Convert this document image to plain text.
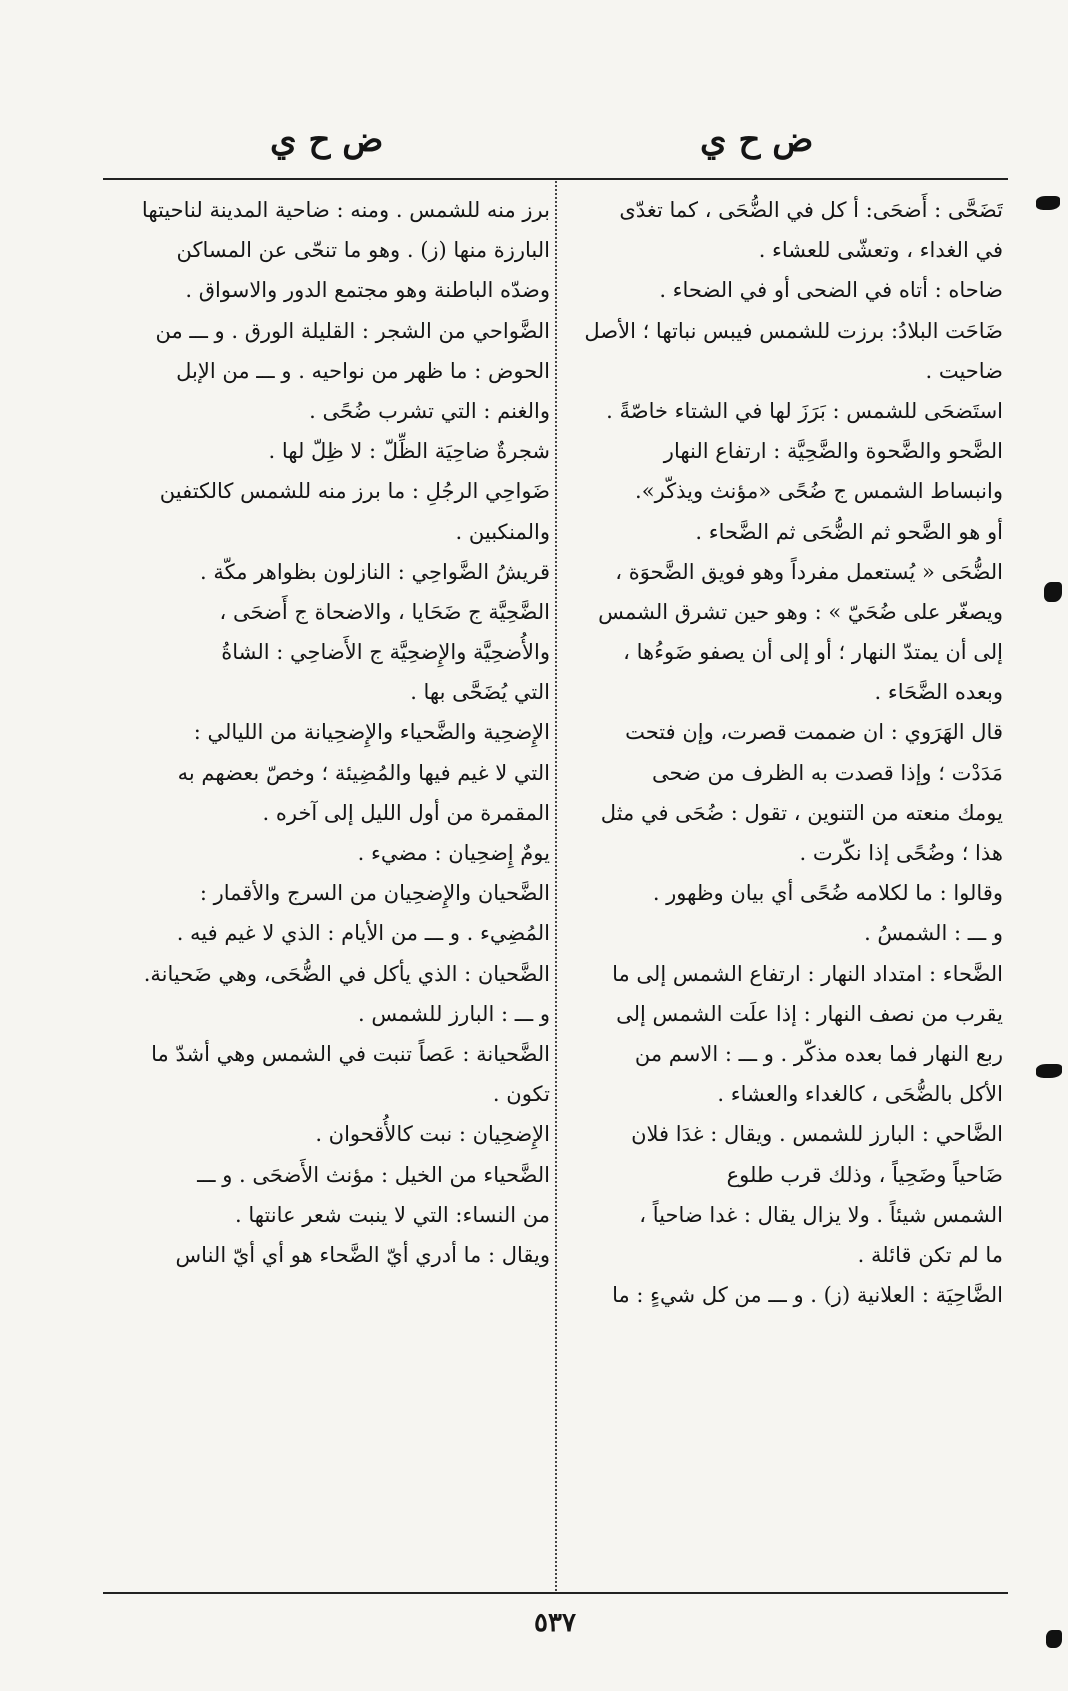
ض ح ي
ض ح ي
تَضَحَّى : أَضحَى: أ كل في الضُّحَى ، كما تغدّى
في الغداء ، وتعشّى للعشاء .
ضاحاه : أتاه في الضحى أو في الضحاء .
ضَاحَت البلادُ: برزت للشمس فيبس نباتها ؛ الأصل
ضاحيت .
استَضحَى للشمس : بَرَزَ لها في الشتاء خاصّةً .
الضَّحو والضَّحوة والضَّحِيَّة : ارتفاع النهار
وانبساط الشمس ج ضُحًى «مؤنث ويذكّر».
أو هو الضَّحو ثم الضُّحَى ثم الضَّحاء .
الضُّحَى « يُستعمل مفرداً وهو فويق الضَّحوَة ،
ويصغّر على ضُحَيّ » : وهو حين تشرق الشمس
إلى أن يمتدّ النهار ؛ أو إلى أن يصفو ضَوءُها ،
وبعده الضَّحَاء .
قال الهَرَوي : ان ضممت قصرت، وإن فتحت
مَدَدْت ؛ وإذا قصدت به الظرف من ضحى
يومك منعته من التنوين ، تقول : ضُحَى في مثل
هذا ؛ وضُحًى إذا نكّرت .
وقالوا : ما لكلامه ضُحًى أي بيان وظهور .
و ـــ : الشمسُ .
الضَّحاء : امتداد النهار : ارتفاع الشمس إلى ما
يقرب من نصف النهار : إذا علَت الشمس إلى
ربع النهار فما بعده مذكّر . و ـــ : الاسم من
الأكل بالضُّحَى ، كالغداء والعشاء .
الضَّاحي : البارز للشمس . ويقال : غدَا فلان
ضَاحياً وضَحِياً ، وذلك قرب طلوع
الشمس شيئاً . ولا يزال يقال : غدا ضاحياً ،
ما لم تكن قائلة .
الضَّاحِيَة : العلانية (ز) . و ـــ من كل شيءٍ : ما
برز منه للشمس . ومنه : ضاحية المدينة لناحيتها
البارزة منها (ز) . وهو ما تنحّى عن المساكن
وضدّه الباطنة وهو مجتمع الدور والاسواق .
الضَّواحي من الشجر : القليلة الورق . و ـــ من
الحوض : ما ظهر من نواحيه . و ـــ من الإبل
والغنم : التي تشرب ضُحًى .
شجرةٌ ضاحِيَة الظِّلّ : لا ظِلّ لها .
ضَواحِي الرجُلِ : ما برز منه للشمس كالكتفين
والمنكبين .
قريشُ الضَّواحِي : النازلون بظواهر مكّة .
الضَّحِيَّة ج ضَحَايا ، والاضحاة ج أَضحَى ،
والأُضحِيَّة والإِضحِيَّة ج الأَضاحِي : الشاةُ
التي يُضَحَّى بها .
الإِضحِية والضَّحياء والإِضحِيانة من الليالي :
التي لا غيم فيها والمُضِيئة ؛ وخصّ بعضهم به
المقمرة من أول الليل إلى آخره .
يومٌ إِضحِيان : مضيء .
الضَّحيان والإِضحِيان من السرج والأقمار :
المُضِيء . و ـــ من الأيام : الذي لا غيم فيه .
الضَّحيان : الذي يأكل في الضُّحَى، وهي ضَحيانة.
و ـــ : البارز للشمس .
الضَّحيانة : عَصاً تنبت في الشمس وهي أشدّ ما
تكون .
الإِضحِيان : نبت كالأُقحوان .
الضَّحياء من الخيل : مؤنث الأَضحَى . و ـــ
من النساء: التي لا ينبت شعر عانتها .
ويقال : ما أدري أيّ الضَّحاء هو أي أيّ الناس
٥٣٧
